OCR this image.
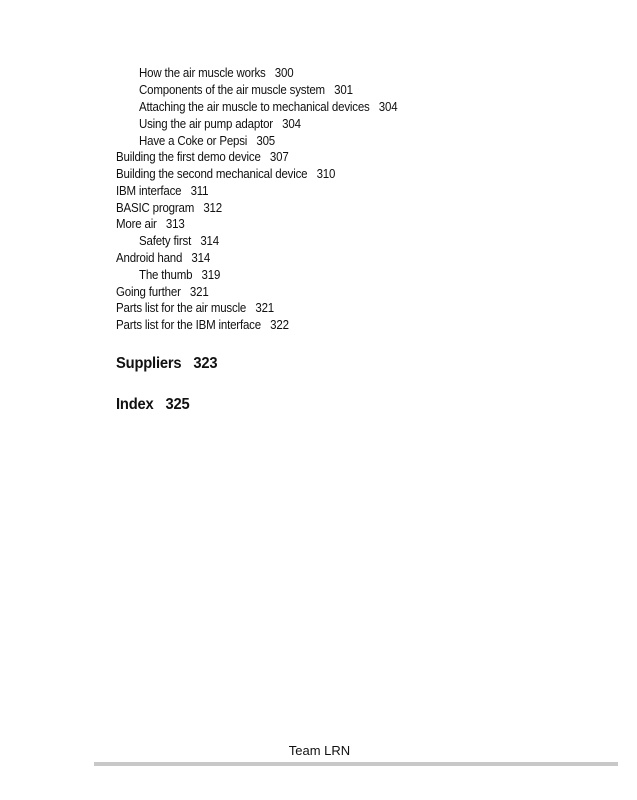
How the air muscle works 300
Components of the air muscle system 301
Attaching the air muscle to mechanical devices 304
Using the air pump adaptor 304
Have a Coke or Pepsi 305
Building the first demo device 307
Building the second mechanical device 310
IBM interface 311
BASIC program 312
More air 313
Safety first 314
Android hand 314
The thumb 319
Going further 321
Parts list for the air muscle 321
Parts list for the IBM interface 322
Suppliers 323
Index 325
Team LRN
